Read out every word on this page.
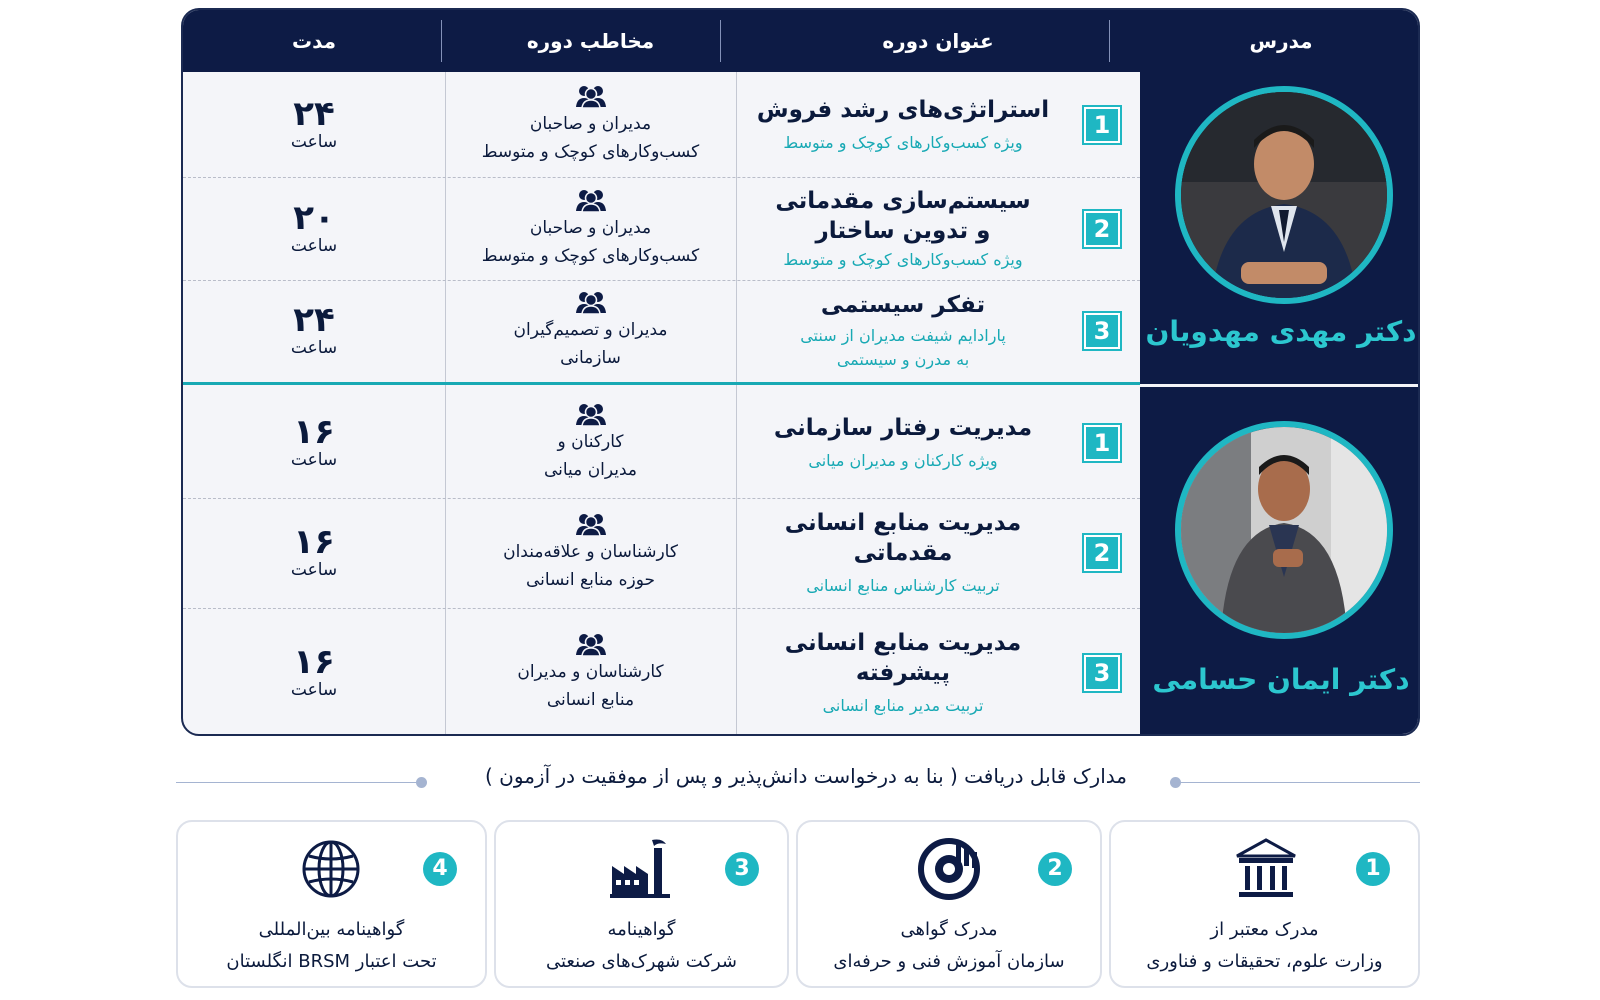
مدرس
عنوان دوره
مخاطب دوره
مدت
دکتر مهدی مهدویان
دکتر ایمان حسامی
1
استراتژی‌های رشد فروش
ویژه کسب‌وکارهای کوچک و متوسط
مدیران و صاحبان
کسب‌وکارهای کوچک و متوسط
۲۴
ساعت
2
سیستم‌سازی مقدماتی
و تدوین ساختار
ویژه کسب‌وکارهای کوچک و متوسط
مدیران و صاحبان
کسب‌وکارهای کوچک و متوسط
۲۰
ساعت
3
تفکر سیستمی
پارادایم شیفت مدیران از سنتی
به مدرن و سیستمی
مدیران و تصمیم‌گیران
سازمانی
۲۴
ساعت
1
مدیریت رفتار سازمانی
ویژه کارکنان و مدیران میانی
کارکنان و
مدیران میانی
۱۶
ساعت
2
مدیریت منابع انسانی مقدماتی
تربیت کارشناس منابع انسانی
کارشناسان و علاقه‌مندان
حوزه منابع انسانی
۱۶
ساعت
3
مدیریت منابع انسانی پیشرفته
تربیت مدیر منابع انسانی
کارشناسان و مدیران
منابع انسانی
۱۶
ساعت
مدارک قابل دریافت ( بنا به درخواست دانش‌پذیر و پس از موفقیت در آزمون )
1
مدرک معتبر از
وزارت علوم، تحقیقات و فناوری
2
مدرک گواهی
سازمان آموزش فنی و حرفه‌ای
3
گواهینامه
شرکت شهرک‌های صنعتی
4
گواهینامه بین‌المللی
تحت اعتبار BRSM انگلستان
